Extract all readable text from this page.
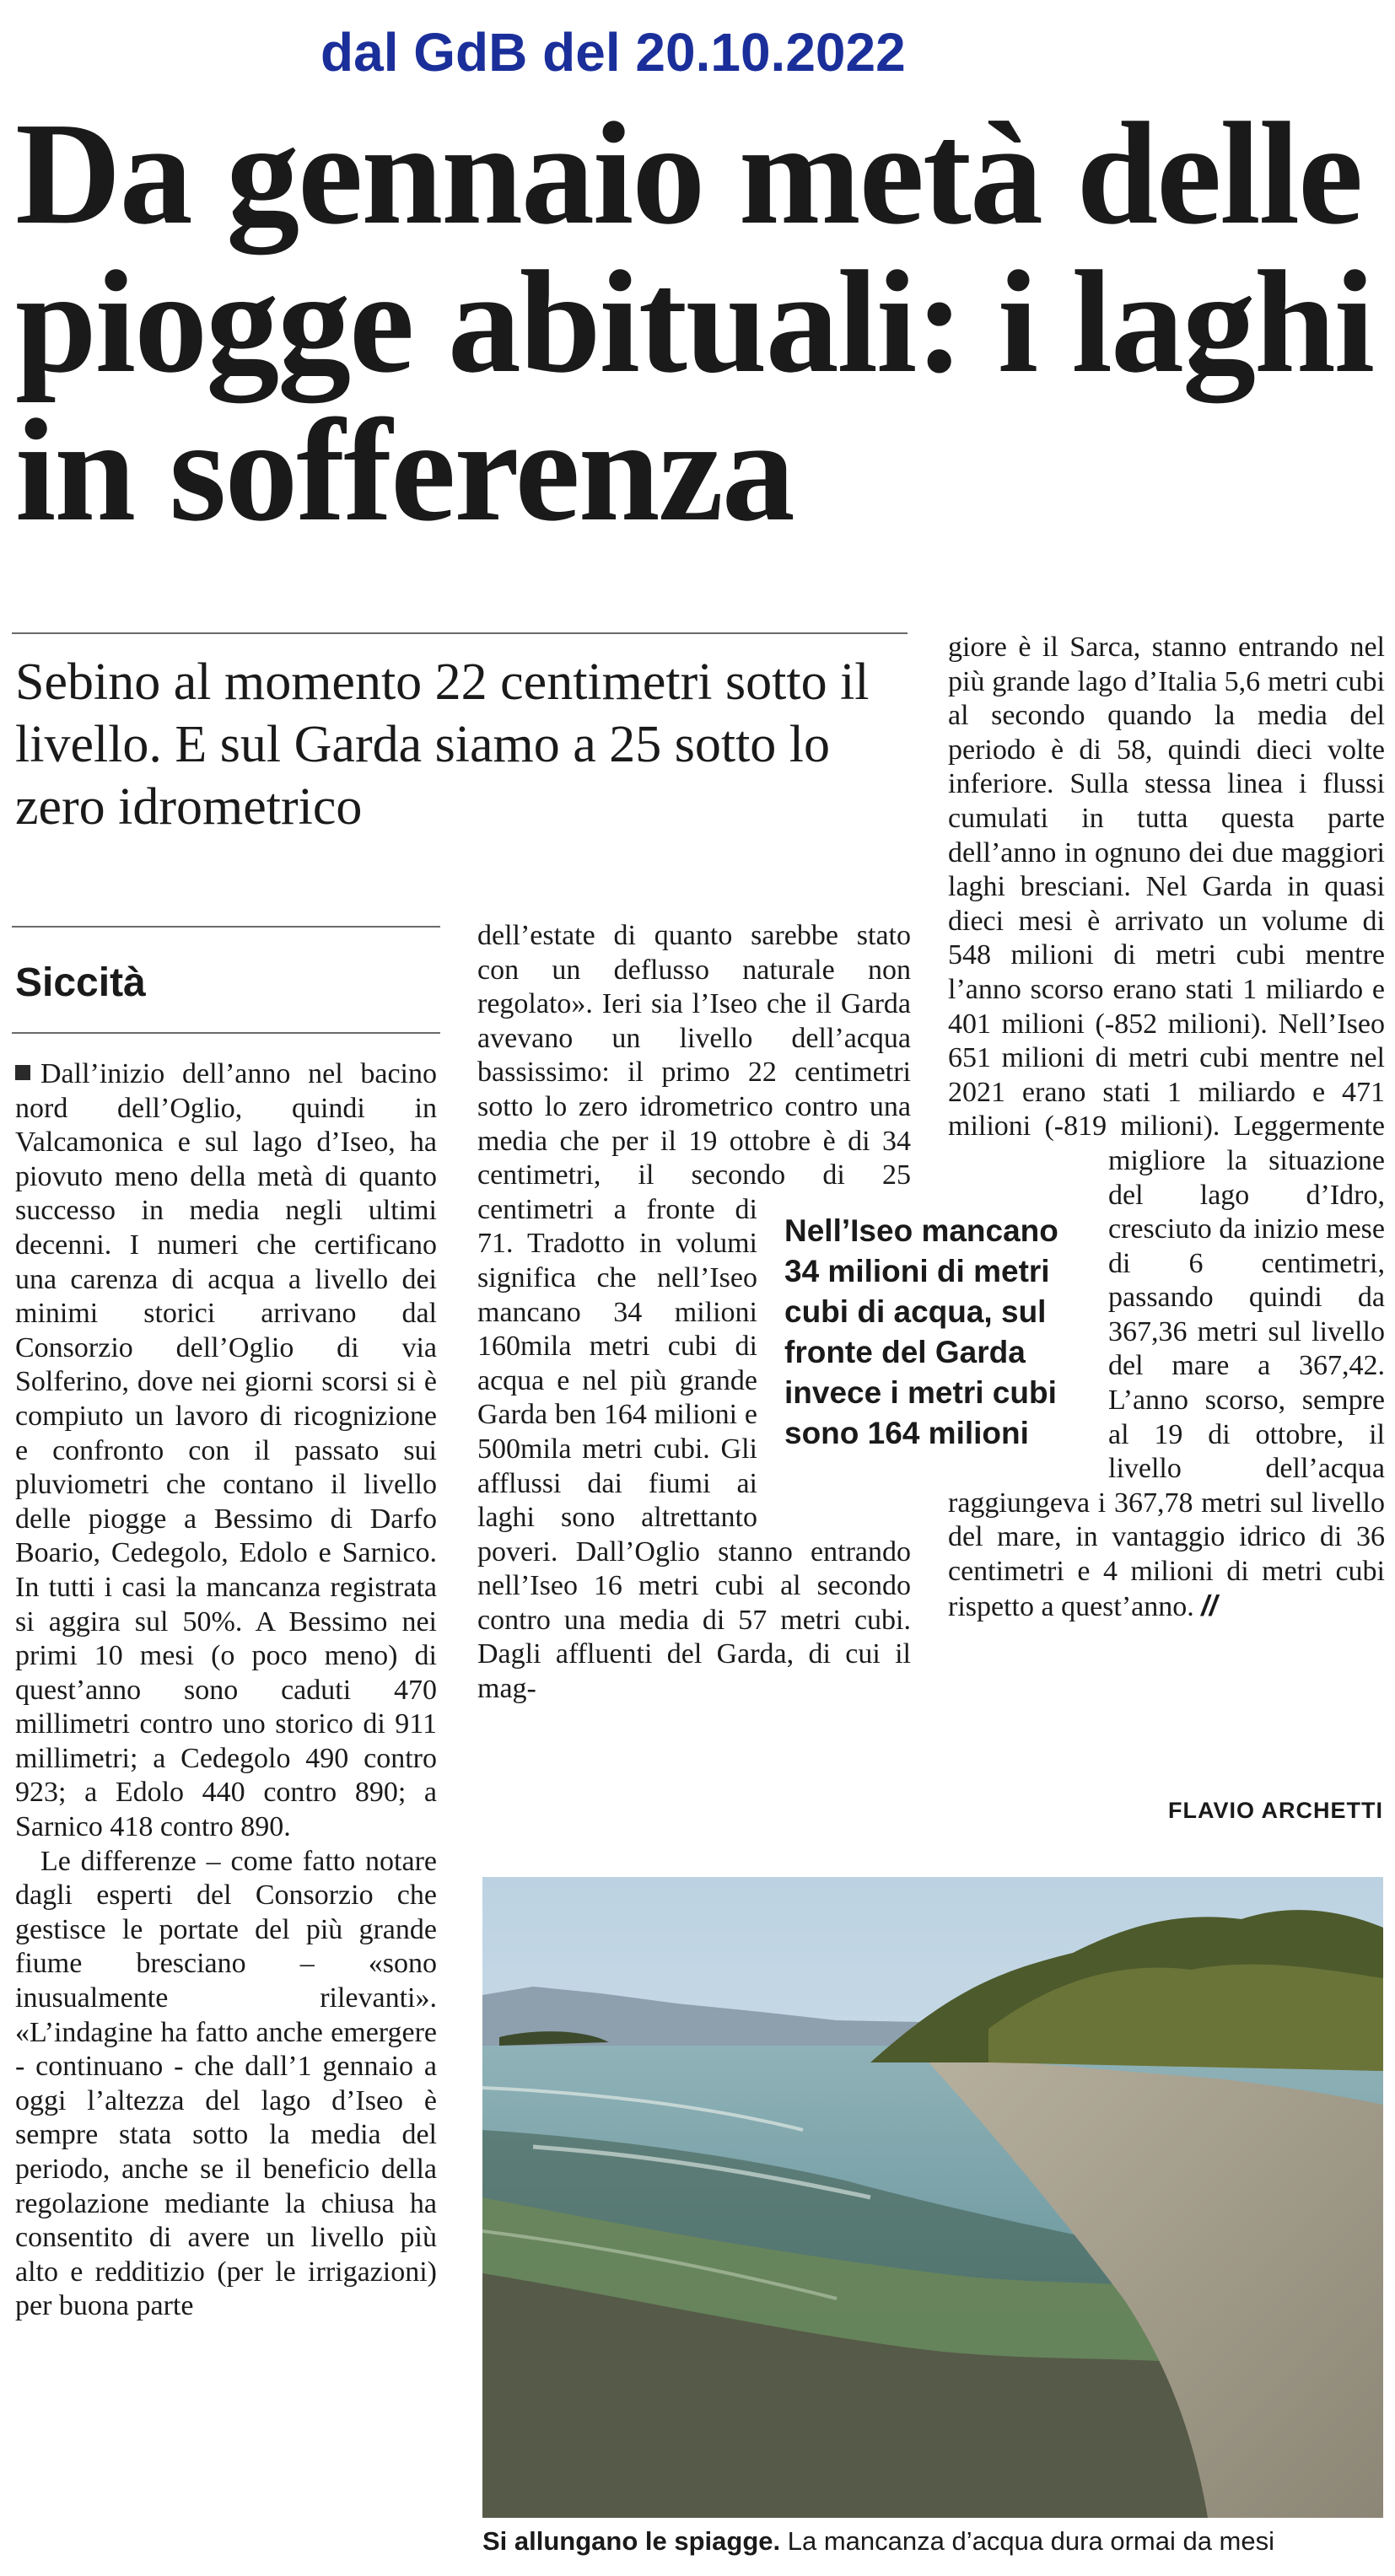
dal GdB del 20.10.2022
Da gennaio metà delle piogge abituali: i laghi in sofferenza
Sebino al momento 22 centimetri sotto il livello. E sul Garda siamo a 25 sotto lo zero idrometrico
Siccità

Dall’inizio dell’anno nel bacino nord dell’Oglio, quindi in Valcamonica e sul lago d’Iseo, ha piovuto meno della metà di quanto successo in media negli ultimi decenni. I numeri che certificano una carenza di acqua a livello dei minimi storici arrivano dal Consorzio dell’Oglio di via Solferino, dove nei giorni scorsi si è compiuto un lavoro di ricognizione e confronto con il passato sui pluviometri che contano il livello delle piogge a Bessimo di Darfo Boario, Cedegolo, Edolo e Sarnico. In tutti i casi la mancanza registrata si aggira sul 50%. A Bessimo nei primi 10 mesi (o poco meno) di quest’anno sono caduti 470 millimetri contro uno storico di 911 millimetri; a Cedegolo 490 contro 923; a Edolo 440 contro 890; a Sarnico 418 contro 890.

Le differenze – come fatto notare dagli esperti del Consorzio che gestisce le portate del più grande fiume bresciano – «sono inusualmente rilevanti». «L’indagine ha fatto anche emergere - continuano - che dall’1 gennaio a oggi l’altezza del lago d’Iseo è sempre stata sotto la media del periodo, anche se il beneficio della regolazione mediante la chiusa ha consentito di avere un livello più alto e redditizio (per le irrigazioni) per buona parte

dell’estate di quanto sarebbe stato con un deflusso naturale non regolato». Ieri sia l’Iseo che il Garda avevano un livello dell’acqua bassissimo: il primo 22 centimetri sotto lo zero idrometrico contro una media che per il 19 ottobre è di 34 centimetri, il secondo di 25 centimetri a fronte di 71. Tradotto in volumi significa che nell’Iseo mancano 34 milioni 160mila metri cubi di acqua e nel più grande Garda ben 164 milioni e 500mila metri cubi. Gli afflussi dai fiumi ai laghi sono altrettanto poveri. Dall’Oglio stanno entrando nell’Iseo 16 metri cubi al secondo contro una media di 57 metri cubi. Dagli affluenti del Garda, di cui il mag-

giore è il Sarca, stanno entrando nel più grande lago d’Italia 5,6 metri cubi al secondo quando la media del periodo è di 58, quindi dieci volte inferiore. Sulla stessa linea i flussi cumulati in tutta questa parte dell’anno in ognuno dei due maggiori laghi bresciani. Nel Garda in quasi dieci mesi è arrivato un volume di 548 milioni di metri cubi mentre l’anno scorso erano stati 1 miliardo e 401 milioni (-852 milioni). Nell’Iseo 651 milioni di metri cubi mentre nel 2021 erano stati 1 miliardo e 471 milioni (-819 milioni). Leggermente migliore la situazione del lago d’Idro, cresciuto da inizio mese di 6 centimetri, passando quindi da 367,36 metri sul livello del mare a 367,42. L’anno scorso, sempre al 19 di ottobre, il livello dell’acqua raggiungeva i 367,78 metri sul livello del mare, in vantaggio idrico di 36 centimetri e 4 milioni di metri cubi rispetto a quest’anno. //

Nell’Iseo mancano 34 milioni di metri cubi di acqua, sul fronte del Garda invece i metri cubi sono 164 milioni
FLAVIO ARCHETTI
Si allungano le spiagge. La mancanza d’acqua dura ormai da mesi
